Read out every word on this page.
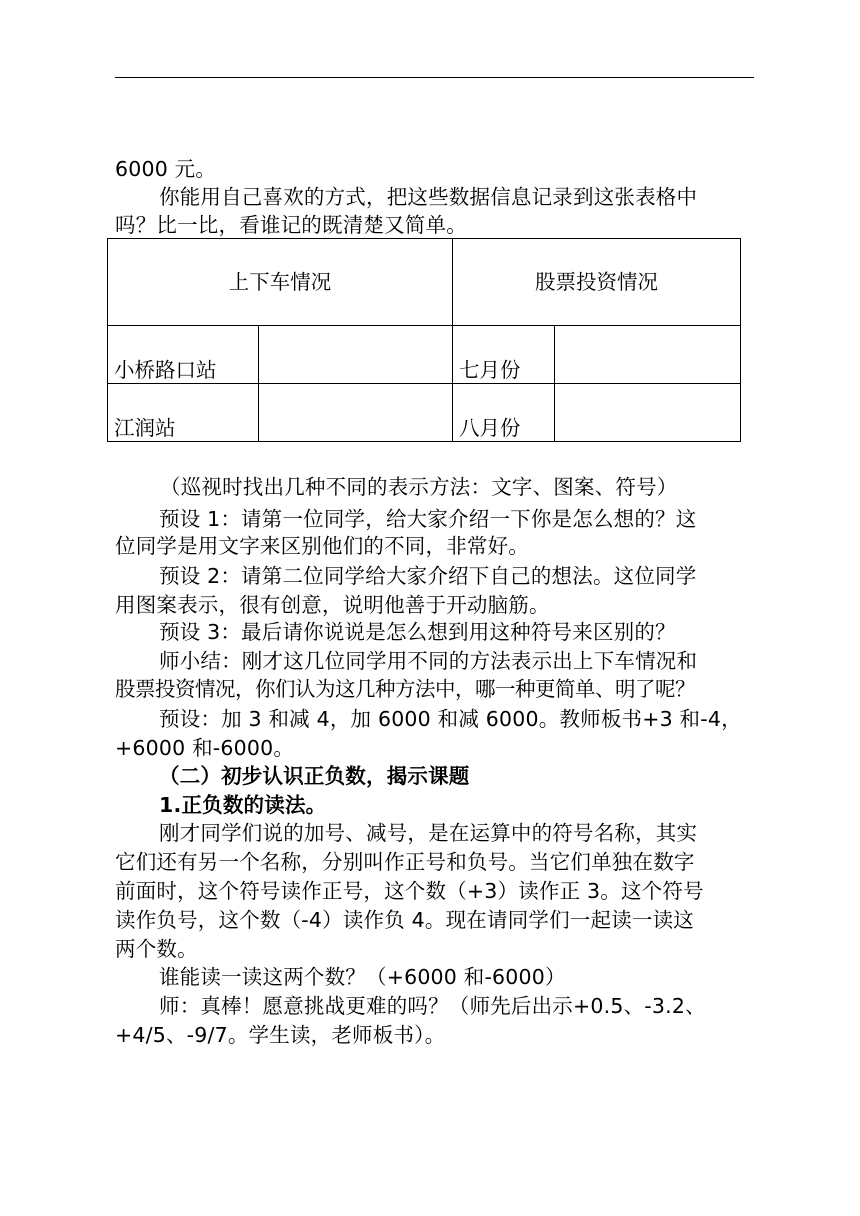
6000 元。
你能用自己喜欢的方式，把这些数据信息记录到这张表格中
吗？比一比，看谁记的既清楚又简单。
上下车情况		股票投资情况	
小桥路口站		七月份	
江润站		八月份	
（巡视时找出几种不同的表示方法：文字、图案、符号）
预设 1：请第一位同学，给大家介绍一下你是怎么想的？这
位同学是用文字来区别他们的不同，非常好。
预设 2：请第二位同学给大家介绍下自己的想法。这位同学
用图案表示，很有创意，说明他善于开动脑筋。
预设 3：最后请你说说是怎么想到用这种符号来区别的？
师小结：刚才这几位同学用不同的方法表示出上下车情况和
股票投资情况，你们认为这几种方法中，哪一种更简单、明了呢？
预设：加 3 和减 4，加 6000 和减 6000。教师板书+3 和-4，
+6000 和-6000。
（二）初步认识正负数，揭示课题
1.正负数的读法。
刚才同学们说的加号、减号，是在运算中的符号名称，其实
它们还有另一个名称，分别叫作正号和负号。当它们单独在数字
前面时，这个符号读作正号，这个数（+3）读作正 3。这个符号
读作负号，这个数（-4）读作负 4。现在请同学们一起读一读这
两个数。
谁能读一读这两个数？（+6000 和-6000）
师：真棒！愿意挑战更难的吗？（师先后出示+0.5、-3.2、
+4/5、-9/7。学生读，老师板书）。
